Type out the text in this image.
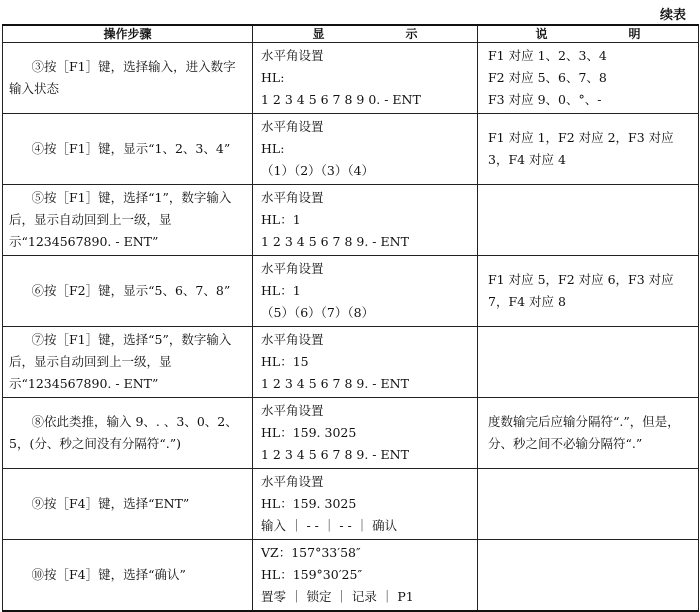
续表
操作步骤	显 示	说 明
③按［F1］键，选择输入，进入数字输入状态	水平角设置
HL:
1 2 3 4 5 6 7 8 9 0. - ENT	F1 对应 1、2、3、4
F2 对应 5、6、7、8
F3 对应 9、0、°、-

④按［F1］键，显示“1、2、3、4”	水平角设置
HL:
（1）（2）（3）（4）	F1 对应 1，F2 对应 2，F3 对应 3，F4 对应 4
⑤按［F1］键，选择“1”，数字输入后，显示自动回到上一级，显示“1234567890. - ENT”	水平角设置
HL：1
1 2 3 4 5 6 7 8 9. - ENT	

⑥按［F2］键，显示“5、6、7、8”	水平角设置
HL：1
（5）（6）（7）（8）	F1 对应 5，F2 对应 6，F3 对应 7，F4 对应 8
⑦按［F1］键，选择“5”，数字输入后，显示自动回到上一级，显示“1234567890. - ENT”	水平角设置
HL：15
1 2 3 4 5 6 7 8 9. - ENT	

⑧依此类推，输入 9、. 、3、0、2、5，(分、秒之间没有分隔符“.”)	水平角设置
HL：159. 3025
1 2 3 4 5 6 7 8 9. - ENT	度数输完后应输分隔符“.”，但是，分、秒之间不必输分隔符“.”
⑨按［F4］键，选择“ENT”	水平角设置
HL：159. 3025
输入 ｜ - - ｜ - - ｜ 确认	

⑩按［F4］键，选择“确认”	VZ：157°33′58″
HL：159°30′25″
置零 ｜ 锁定 ｜ 记录 ｜ P1	
